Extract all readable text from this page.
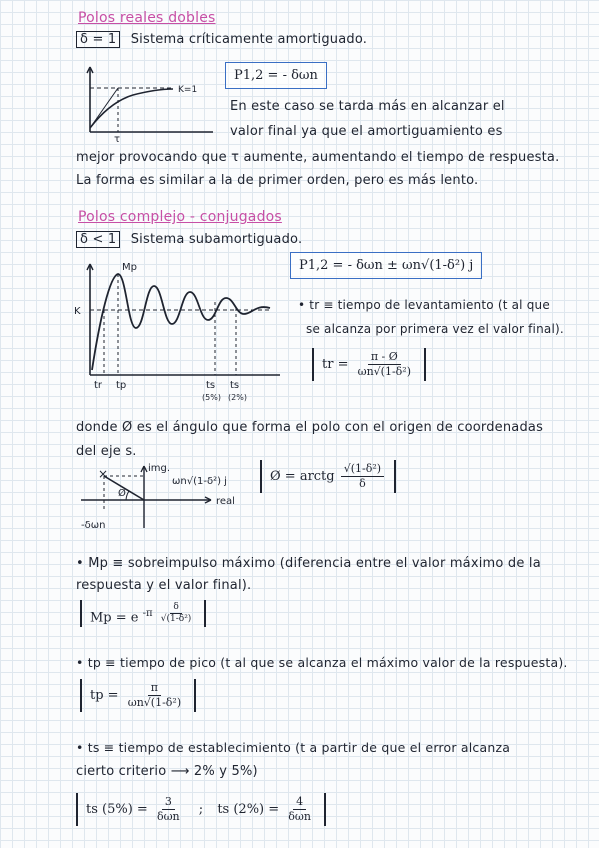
Polos reales dobles
δ = 1 Sistema críticamente amortiguado.
K=1
τ
P1,2 = - δωn
En este caso se tarda más en alcanzar el
valor final ya que el amortiguamiento es
mejor provocando que τ aumente, aumentando el tiempo de respuesta.
La forma es similar a la de primer orden, pero es más lento.
Polos complejo - conjugados
δ < 1 Sistema subamortiguado.
P1,2 = - δωn ± ωn√(1-δ²) j
Mp
K
tr tp	ts ts
(5%) (2%)
• tr ≡ tiempo de levantamiento (t al que
se alcanza por primera vez el valor final).
tr = $\frac{\pi - Ø}{\text{ωn√(1-δ²)}}$
donde Ø es el ángulo que forma el polo con el origen de coordenadas
del eje s.
×
Ø
img.
ωn√(1-δ²) j
real
-δωn
Ø = arctg $\frac{\text{√(1-δ²)}}{\delta}$
• Mp ≡ sobreimpulso máximo (diferencia entre el valor máximo de la
respuesta y el valor final).
Mp = e $^{-\pi \frac{\delta}{\text{√(1-δ²)}}}$
• tp ≡ tiempo de pico (t al que se alcanza el máximo valor de la respuesta).
tp = $\frac{\pi}{\text{ωn√(1-δ²)}}$
• ts ≡ tiempo de establecimiento (t a partir de que el error alcanza
cierto criterio ⟶ 2% y 5%)
ts $(5\%) = \frac{3}{\text{δωn}}$ ; ts $(2\%) = \frac{4}{\text{δωn}}$
